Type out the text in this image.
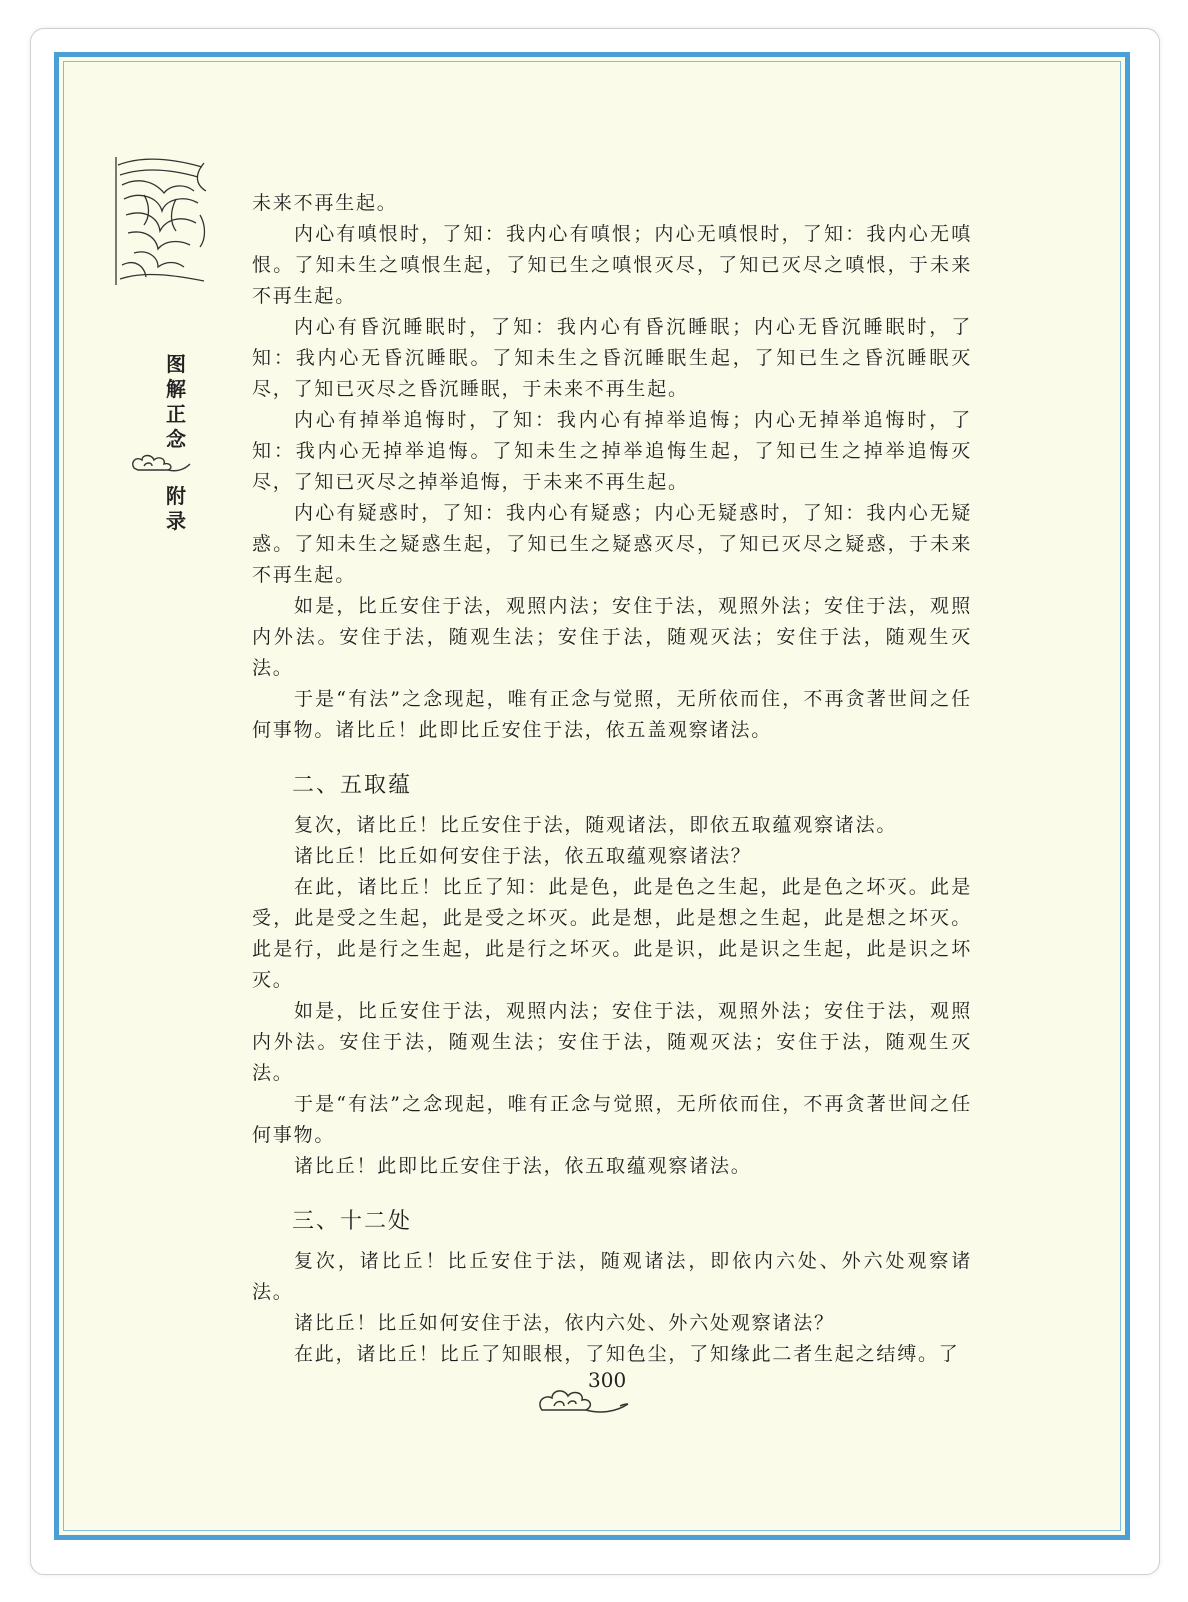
图解正念
附录

未来不再生起。

内心有嗔恨时，了知：我内心有嗔恨；内心无嗔恨时，了知：我内心无嗔恨。了知未生之嗔恨生起，了知已生之嗔恨灭尽，了知已灭尽之嗔恨，于未来不再生起。

内心有昏沉睡眠时，了知：我内心有昏沉睡眠；内心无昏沉睡眠时，了知：我内心无昏沉睡眠。了知未生之昏沉睡眠生起，了知已生之昏沉睡眠灭尽，了知已灭尽之昏沉睡眠，于未来不再生起。

内心有掉举追悔时，了知：我内心有掉举追悔；内心无掉举追悔时，了知：我内心无掉举追悔。了知未生之掉举追悔生起，了知已生之掉举追悔灭尽，了知已灭尽之掉举追悔，于未来不再生起。

内心有疑惑时，了知：我内心有疑惑；内心无疑惑时，了知：我内心无疑惑。了知未生之疑惑生起，了知已生之疑惑灭尽，了知已灭尽之疑惑，于未来不再生起。

如是，比丘安住于法，观照内法；安住于法，观照外法；安住于法，观照内外法。安住于法，随观生法；安住于法，随观灭法；安住于法，随观生灭法。

于是“有法”之念现起，唯有正念与觉照，无所依而住，不再贪著世间之任何事物。诸比丘！此即比丘安住于法，依五盖观察诸法。

二、五取蕴

复次，诸比丘！比丘安住于法，随观诸法，即依五取蕴观察诸法。

诸比丘！比丘如何安住于法，依五取蕴观察诸法？

在此，诸比丘！比丘了知：此是色，此是色之生起，此是色之坏灭。此是受，此是受之生起，此是受之坏灭。此是想，此是想之生起，此是想之坏灭。此是行，此是行之生起，此是行之坏灭。此是识，此是识之生起，此是识之坏灭。

如是，比丘安住于法，观照内法；安住于法，观照外法；安住于法，观照内外法。安住于法，随观生法；安住于法，随观灭法；安住于法，随观生灭法。

于是“有法”之念现起，唯有正念与觉照，无所依而住，不再贪著世间之任何事物。

诸比丘！此即比丘安住于法，依五取蕴观察诸法。

三、十二处

复次，诸比丘！比丘安住于法，随观诸法，即依内六处、外六处观察诸法。

诸比丘！比丘如何安住于法，依内六处、外六处观察诸法？

在此，诸比丘！比丘了知眼根，了知色尘，了知缘此二者生起之结缚。了

300
